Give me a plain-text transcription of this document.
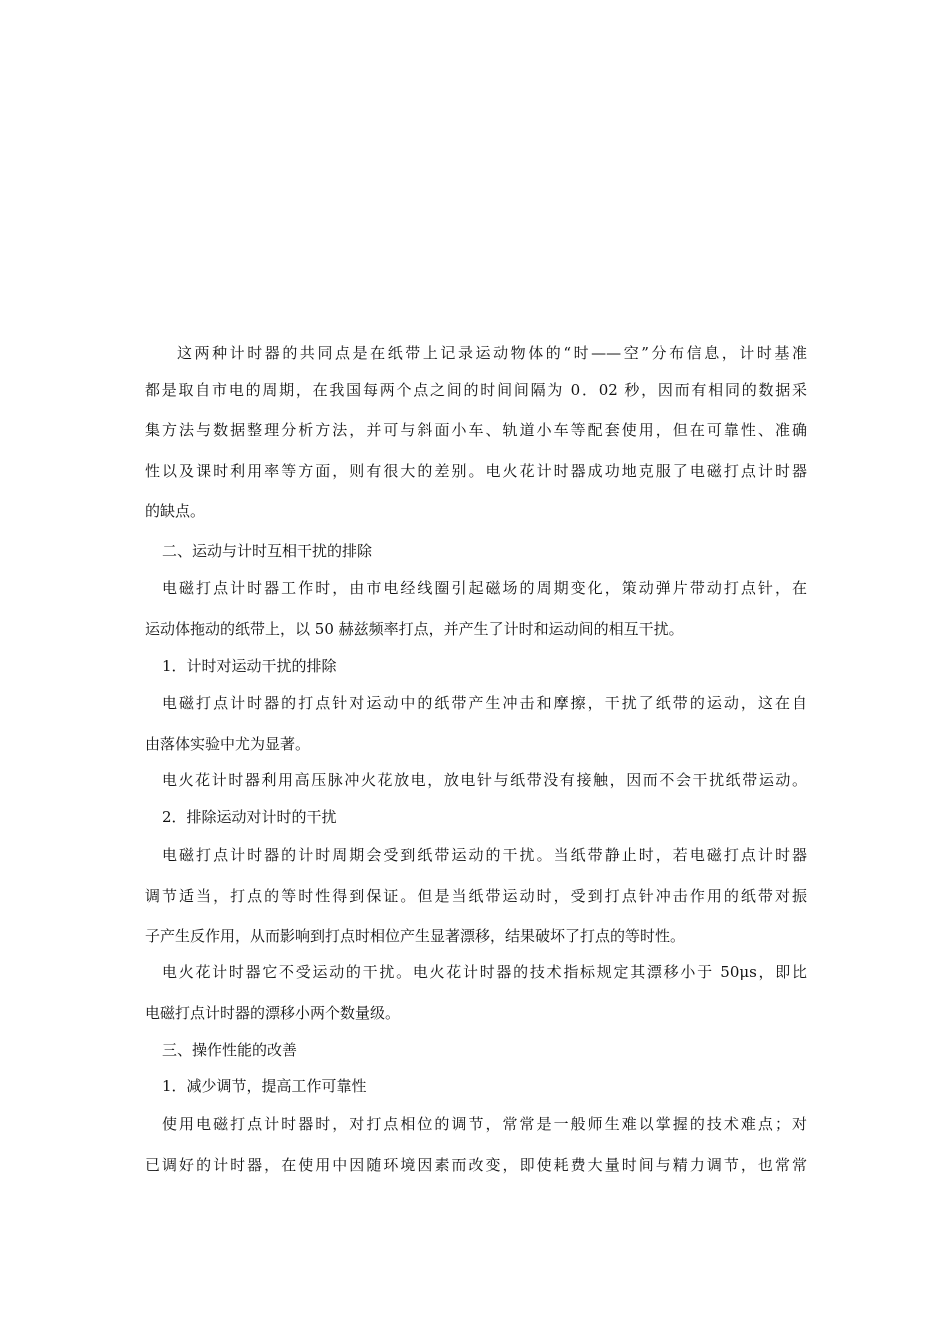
这两种计时器的共同点是在纸带上记录运动物体的“时——空”分布信息，计时基准
都是取自市电的周期，在我国每两个点之间的时间间隔为 0．02 秒，因而有相同的数据采
集方法与数据整理分析方法，并可与斜面小车、轨道小车等配套使用，但在可靠性、准确
性以及课时利用率等方面，则有很大的差别。电火花计时器成功地克服了电磁打点计时器
的缺点。
二、运动与计时互相干扰的排除
电磁打点计时器工作时，由市电经线圈引起磁场的周期变化，策动弹片带动打点针，在
运动体拖动的纸带上，以 50 赫兹频率打点，并产生了计时和运动间的相互干扰。
1．计时对运动干扰的排除
电磁打点计时器的打点针对运动中的纸带产生冲击和摩擦，干扰了纸带的运动，这在自
由落体实验中尤为显著。
电火花计时器利用高压脉冲火花放电，放电针与纸带没有接触，因而不会干扰纸带运动。
2．排除运动对计时的干扰
电磁打点计时器的计时周期会受到纸带运动的干扰。当纸带静止时，若电磁打点计时器
调节适当，打点的等时性得到保证。但是当纸带运动时，受到打点针冲击作用的纸带对振
子产生反作用，从而影响到打点时相位产生显著漂移，结果破坏了打点的等时性。
电火花计时器它不受运动的干扰。电火花计时器的技术指标规定其漂移小于 50μs，即比
电磁打点计时器的漂移小两个数量级。
三、操作性能的改善
1．减少调节，提高工作可靠性
使用电磁打点计时器时，对打点相位的调节，常常是一般师生难以掌握的技术难点；对
已调好的计时器，在使用中因随环境因素而改变，即使耗费大量时间与精力调节，也常常
